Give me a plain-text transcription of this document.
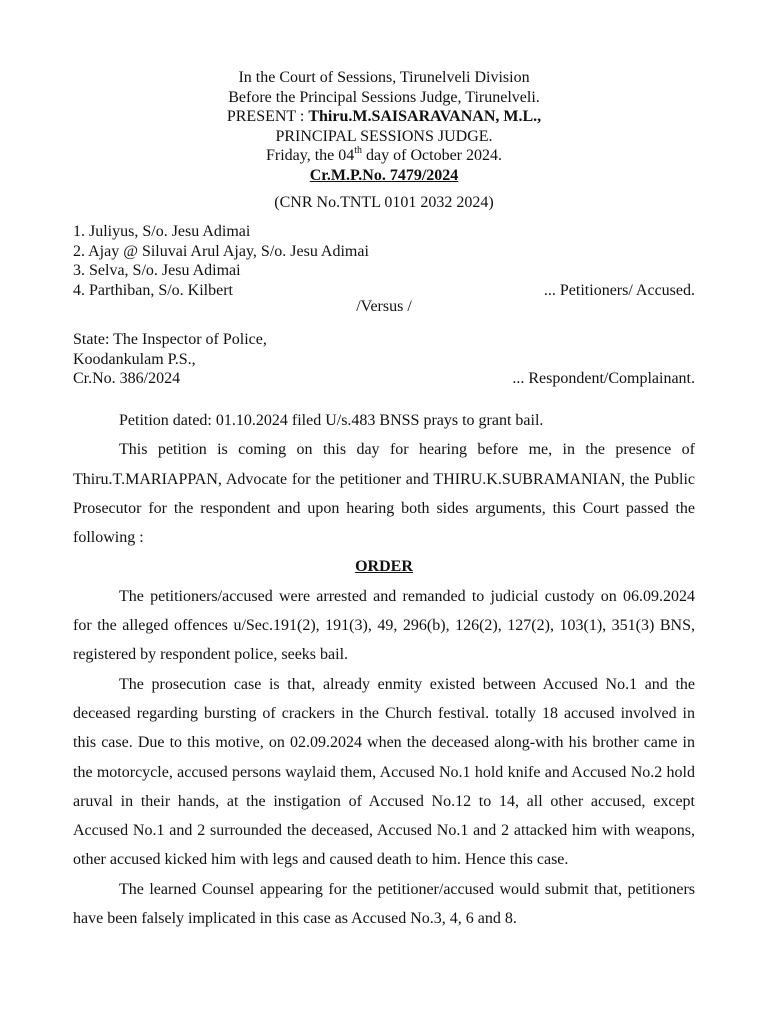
In the Court of Sessions, Tirunelveli Division
Before the Principal Sessions Judge, Tirunelveli.
PRESENT : Thiru.M.SAISARAVANAN, M.L.,
PRINCIPAL SESSIONS JUDGE.
Friday, the 04th day of October 2024.
Cr.M.P.No. 7479/2024
(CNR No.TNTL 0101 2032 2024)
1. Juliyus, S/o. Jesu Adimai
2. Ajay @ Siluvai Arul Ajay, S/o. Jesu Adimai
3. Selva, S/o. Jesu Adimai
4. Parthiban, S/o. Kilbert	... Petitioners/ Accused.
/Versus /
State: The Inspector of Police,
Koodankulam P.S.,
Cr.No. 386/2024	... Respondent/Complainant.

Petition dated: 01.10.2024 filed U/s.483 BNSS prays to grant bail.

This petition is coming on this day for hearing before me, in the presence of Thiru.T.MARIAPPAN, Advocate for the petitioner and THIRU.K.SUBRAMANIAN, the Public Prosecutor for the respondent and upon hearing both sides arguments, this Court passed the following :

ORDER

The petitioners/accused were arrested and remanded to judicial custody on 06.09.2024 for the alleged offences u/Sec.191(2), 191(3), 49, 296(b), 126(2), 127(2), 103(1), 351(3) BNS, registered by respondent police, seeks bail.

The prosecution case is that, already enmity existed between Accused No.1 and the deceased regarding bursting of crackers in the Church festival. totally 18 accused involved in this case. Due to this motive, on 02.09.2024 when the deceased along-with his brother came in the motorcycle, accused persons waylaid them, Accused No.1 hold knife and Accused No.2 hold aruval in their hands, at the instigation of Accused No.12 to 14, all other accused, except Accused No.1 and 2 surrounded the deceased, Accused No.1 and 2 attacked him with weapons, other accused kicked him with legs and caused death to him. Hence this case.

The learned Counsel appearing for the petitioner/accused would submit that, petitioners have been falsely implicated in this case as Accused No.3, 4, 6 and 8.
